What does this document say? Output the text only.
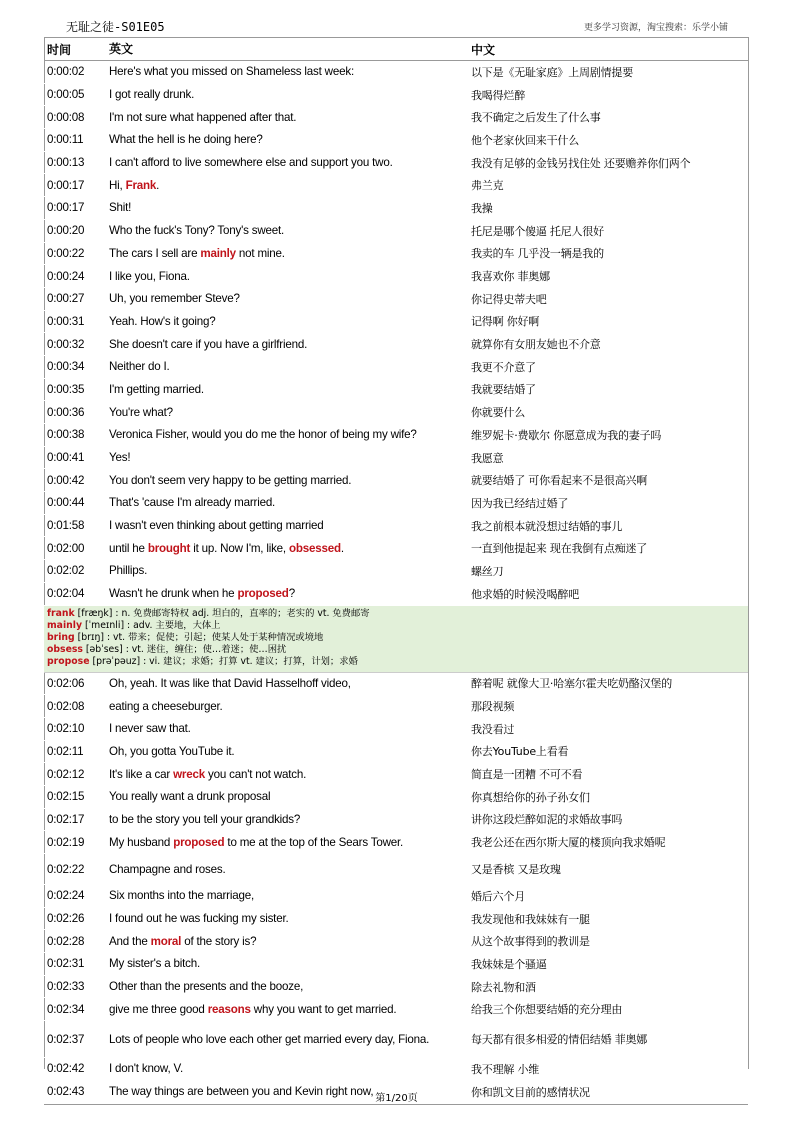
无耻之徒-S01E05	更多学习资源，淘宝搜索：乐学小铺
时间	英文	中文
0:00:02	Here's what you missed on Shameless last week:	以下是《无耻家庭》上周剧情提要
0:00:05	I got really drunk.	我喝得烂醉
0:00:08	I'm not sure what happened after that.	我不确定之后发生了什么事
0:00:11	What the hell is he doing here?	他个老家伙回来干什么
0:00:13	I can't afford to live somewhere else and support you two.	我没有足够的金钱另找住处 还要赡养你们两个
0:00:17	Hi, Frank.	弗兰克
0:00:17	Shit!	我操
0:00:20	Who the fuck's Tony? Tony's sweet.	托尼是哪个傻逼 托尼人很好
0:00:22	The cars I sell are mainly not mine.	我卖的车 几乎没一辆是我的
0:00:24	I like you, Fiona.	我喜欢你 菲奥娜
0:00:27	Uh, you remember Steve?	你记得史蒂夫吧
0:00:31	Yeah. How's it going?	记得啊 你好啊
0:00:32	She doesn't care if you have a girlfriend.	就算你有女朋友她也不介意
0:00:34	Neither do I.	我更不介意了
0:00:35	I'm getting married.	我就要结婚了
0:00:36	You're what?	你就要什么
0:00:38	Veronica Fisher, would you do me the honor of being my wife?	维罗妮卡·费歇尔 你愿意成为我的妻子吗
0:00:41	Yes!	我愿意
0:00:42	You don't seem very happy to be getting married.	就要结婚了 可你看起来不是很高兴啊
0:00:44	That's 'cause I'm already married.	因为我已经结过婚了
0:01:58	I wasn't even thinking about getting married	我之前根本就没想过结婚的事儿
0:02:00	until he brought it up. Now I'm, like, obsessed.	一直到他提起来 现在我倒有点痴迷了
0:02:02	Phillips.	螺丝刀
0:02:04	Wasn't he drunk when he proposed?	他求婚的时候没喝醉吧
frank [fræŋk] : n. 免费邮寄特权 adj. 坦白的，直率的；老实的 vt. 免费邮寄
mainly [ˈmeɪnli] : adv. 主要地，大体上
bring [brɪŋ] : vt. 带来；促使；引起；使某人处于某种情况或境地
obsess [əbˈses] : vt. 迷住，缠住；使…着迷；使…困扰
propose [prəˈpəuz] : vi. 建议；求婚；打算 vt. 建议；打算，计划；求婚
0:02:06	Oh, yeah. It was like that David Hasselhoff video,	醉着呢 就像大卫·哈塞尔霍夫吃奶酪汉堡的
0:02:08	eating a cheeseburger.	那段视频
0:02:10	I never saw that.	我没看过
0:02:11	Oh, you gotta YouTube it.	你去YouTube上看看
0:02:12	It's like a car wreck you can't not watch.	简直是一团糟 不可不看
0:02:15	You really want a drunk proposal	你真想给你的孙子孙女们
0:02:17	to be the story you tell your grandkids?	讲你这段烂醉如泥的求婚故事吗
0:02:19	My husband proposed to me at the top of the Sears Tower.	我老公还在西尔斯大厦的楼顶向我求婚呢
0:02:22	Champagne and roses.	又是香槟 又是玫瑰
0:02:24	Six months into the marriage,	婚后六个月
0:02:26	I found out he was fucking my sister.	我发现他和我妹妹有一腿
0:02:28	And the moral of the story is?	从这个故事得到的教训是
0:02:31	My sister's a bitch.	我妹妹是个骚逼
0:02:33	Other than the presents and the booze,	除去礼物和酒
0:02:34	give me three good reasons why you want to get married.	给我三个你想要结婚的充分理由
0:02:37	Lots of people who love each other get married every day, Fiona.	每天都有很多相爱的情侣结婚 菲奥娜
0:02:42	I don't know, V.	我不理解 小维
0:02:43	The way things are between you and Kevin right now,	你和凯文目前的感情状况
第1/20页
